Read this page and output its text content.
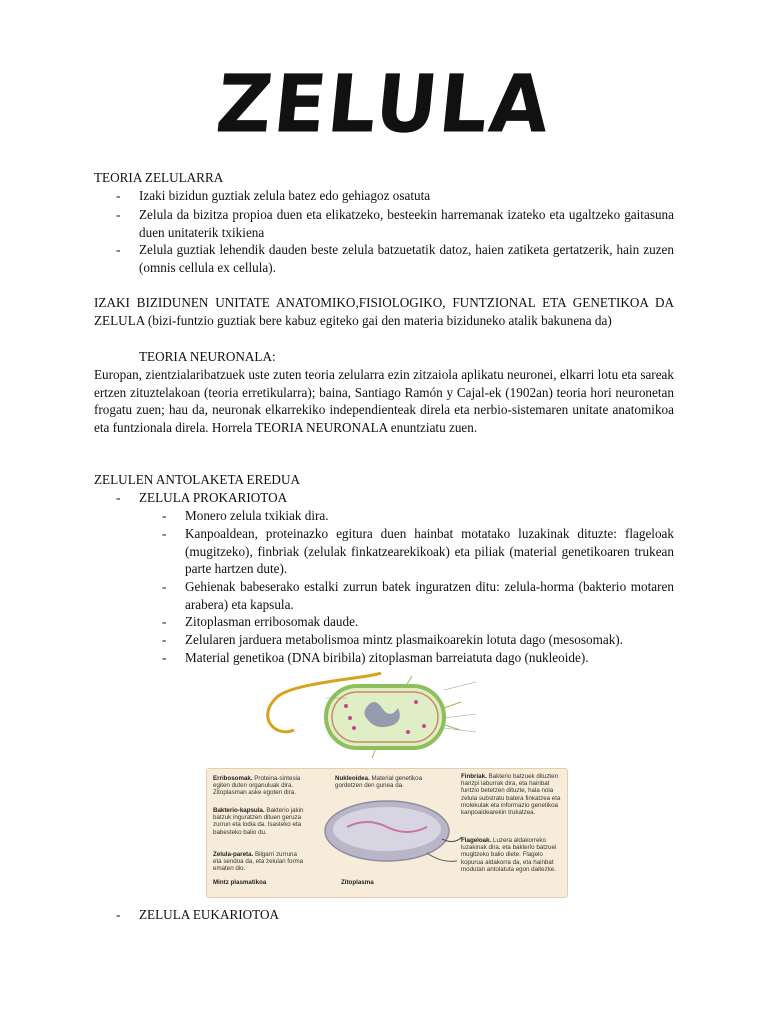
ZELULA
TEORIA ZELULARRA
- Izaki bizidun guztiak zelula batez edo gehiagoz osatuta
- Zelula da bizitza propioa duen eta elikatzeko, besteekin harremanak izateko eta ugaltzeko gaitasuna duen unitaterik txikiena
- Zelula guztiak lehendik dauden beste zelula batzuetatik datoz, haien zatiketa gertatzerik, hain zuzen (omnis cellula ex cellula).
IZAKI BIZIDUNEN UNITATE ANATOMIKO,FISIOLOGIKO, FUNTZIONAL ETA GENETIKOA DA ZELULA (bizi-funtzio guztiak bere kabuz egiteko gai den materia biziduneko atalik bakunena da)
TEORIA NEURONALA:
Europan, zientzialaribatzuek uste zuten teoria zelularra ezin zitzaiola aplikatu neuronei, elkarri lotu eta sareak ertzen zituztelakoan (teoria erretikularra); baina, Santiago Ramón y Cajal-ek (1902an) teoria hori neuronetan frogatu zuen; hau da, neuronak elkarrekiko independienteak direla eta nerbio-sistemaren unitate anatomikoa eta funtzionala direla. Horrela TEORIA NEURONALA enuntziatu zuen.
ZELULEN ANTOLAKETA EREDUA
- ZELULA PROKARIOTOA
- Monero zelula txikiak dira.
- Kanpoaldean, proteinazko egitura duen hainbat motatako luzakinak dituzte: flageloak (mugitzeko), finbriak (zelulak finkatzearekikoak) eta piliak (material genetikoaren trukean parte hartzen dute).
- Gehienak babeserako estalki zurrun batek inguratzen ditu: zelula-horma (bakterio motaren arabera) eta kapsula.
- Zitoplasman erribosomak daude.
- Zelularen jarduera metabolismoa mintz plasmaikoarekin lotuta dago (mesosomak).
- Material genetikoa (DNA biribila) zitoplasman barreiatuta dago (nukleoide).
Erribosomak. Proteina-sintesia egiten duten organuluak dira. Zitoplasman aske egoten dira.
Bakterio-kapsula. Bakterio jakin batzuk inguratzen dituen geruza zurrun eta lodia da. Isasteko eta babesteko balio du.
Zelula-pareta. Bilgarri zurruna eta sendoa da, eta zelulari forma ematen dio.
Mintz plasmatikoa
Nukleoidea. Material genetikoa gordetzen den gunea da.
Zitoplasma
Finbriak. Bakterio batzuek dituzten harizpi laburrak dira, eta hainbat funtzio betetzen dituzte, hala nola zelula substratu batera finkatzea eta molekulak eta informazio genetikoa kanpoaldearekin trukatzea.
Flageloak. Luzera aldakorreko luzakinak dira, eta bakterio batzuei mugitzeko balio diete. Flagelo kopurua aldakorra da, eta hainbat modutan antolatuta egon daitezke.
- ZELULA EUKARIOTOA
